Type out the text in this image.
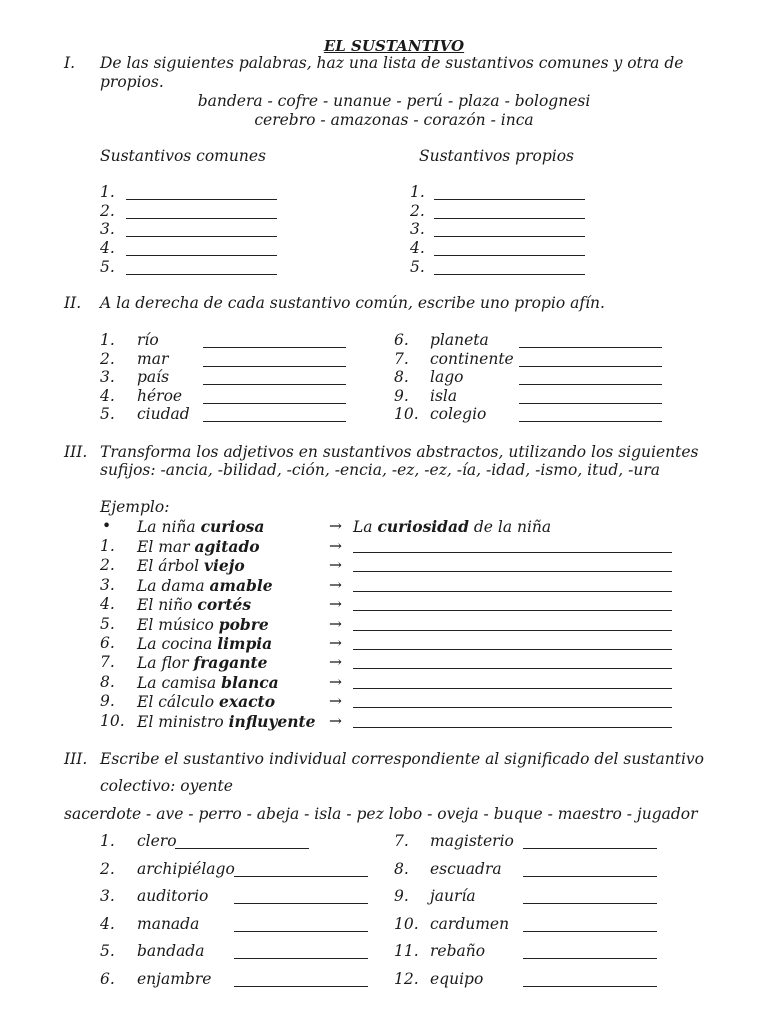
EL SUSTANTIVO
I. De las siguientes palabras, haz una lista de sustantivos comunes y otra de
propios.
bandera - cofre - unanue - perú - plaza - bolognesi
cerebro - amazonas - corazón - inca
Sustantivos comunes	Sustantivos propios
1.	1.
2.	2.
3.	3.
4.	4.
5.	5.
II. A la derecha de cada sustantivo común, escribe uno propio afín.
1. río
2. mar
3. país
4. héroe
5. ciudad
6. planeta
7. continente
8. lago
9. isla
10. colegio
III. Transforma los adjetivos en sustantivos abstractos, utilizando los siguientes
sufijos: -ancia, -bilidad, -ción, -encia, -ez, -ez, -ía, -idad, -ismo, itud, -ura
Ejemplo:
• La niña curiosa	→ La curiosidad de la niña
1. El mar agitado	→
2. El árbol viejo	→
3. La dama amable	→
4. El niño cortés	→
5. El músico pobre	→
6. La cocina limpia	→
7. La flor fragante	→
8. La camisa blanca	→
9. El cálculo exacto	→
10. El ministro influyente →
III. Escribe el sustantivo individual correspondiente al significado del sustantivo
colectivo: oyente
sacerdote - ave - perro - abeja - isla - pez lobo - oveja - buque - maestro - jugador
1. clero
2. archipiélago
3. auditorio
4. manada
5. bandada
6. enjambre
7. magisterio
8. escuadra
9. jauría
10. cardumen
11. rebaño
12. equipo
